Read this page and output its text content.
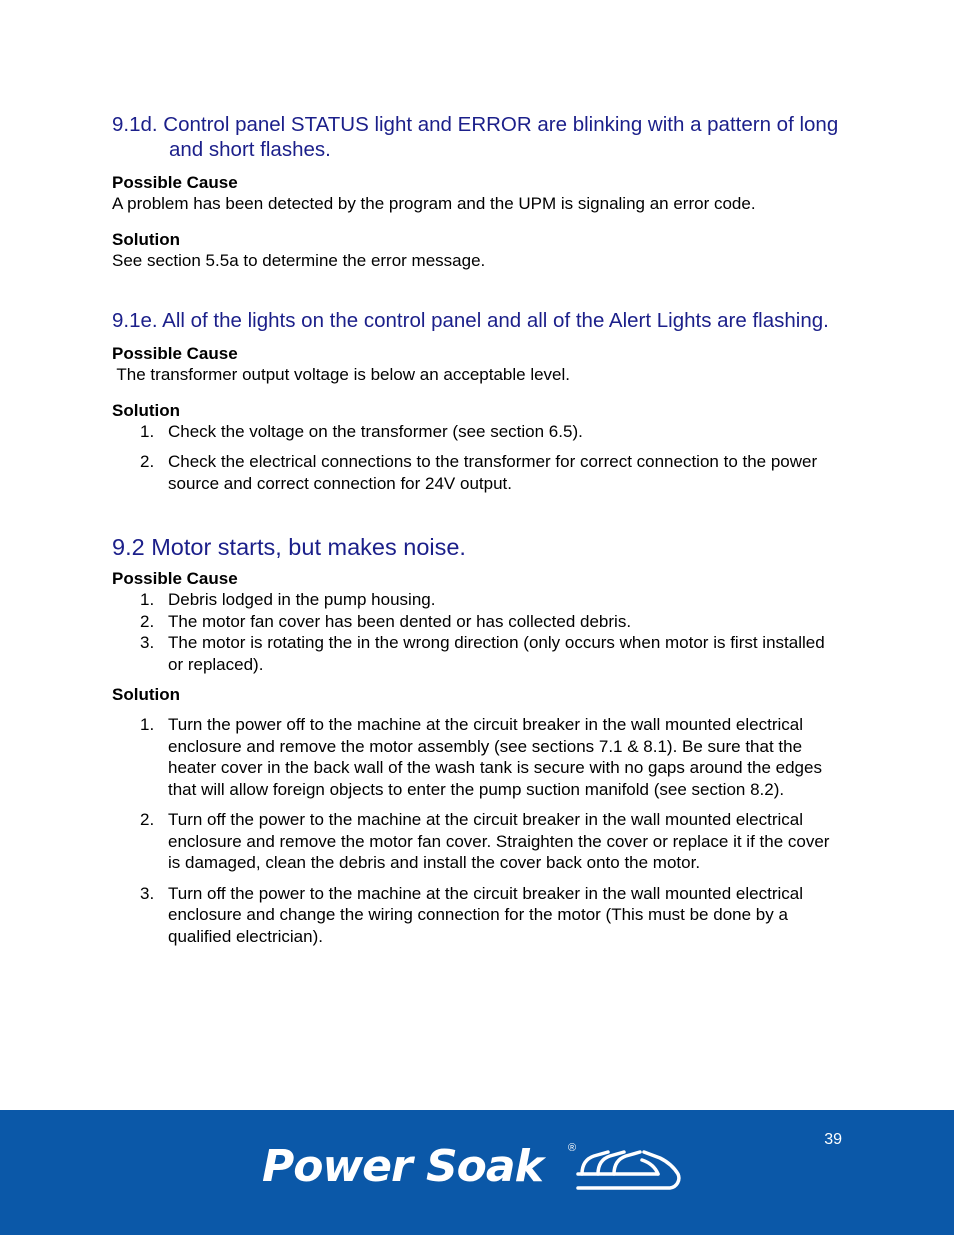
9.1d. Control panel STATUS light and ERROR are blinking with a pattern of long and short flashes.

Possible Cause

A problem has been detected by the program and the UPM is signaling an error code.

Solution

See section 5.5a to determine the error message.

9.1e. All of the lights on the control panel and all of the Alert Lights are flashing.

Possible Cause

The transformer output voltage is below an acceptable level.

Solution

1. Check the voltage on the transformer (see section 6.5).
2. Check the electrical connections to the transformer for correct connection to the power source and correct connection for 24V output.

9.2 Motor starts, but makes noise.

Possible Cause

1. Debris lodged in the pump housing.
2. The motor fan cover has been dented or has collected debris.
3. The motor is rotating the in the wrong direction (only occurs when motor is first installed or replaced).

Solution

1. Turn the power off to the machine at the circuit breaker in the wall mounted electrical enclosure and remove the motor assembly (see sections 7.1 & 8.1). Be sure that the heater cover in the back wall of the wash tank is secure with no gaps around the edges that will allow foreign objects to enter the pump suction manifold (see section 8.2).
2. Turn off the power to the machine at the circuit breaker in the wall mounted electrical enclosure and remove the motor fan cover. Straighten the cover or replace it if the cover is damaged, clean the debris and install the cover back onto the motor.
3. Turn off the power to the machine at the circuit breaker in the wall mounted electrical enclosure and change the wiring connection for the motor (This must be done by a qualified electrician).
39
Power Soak ®
